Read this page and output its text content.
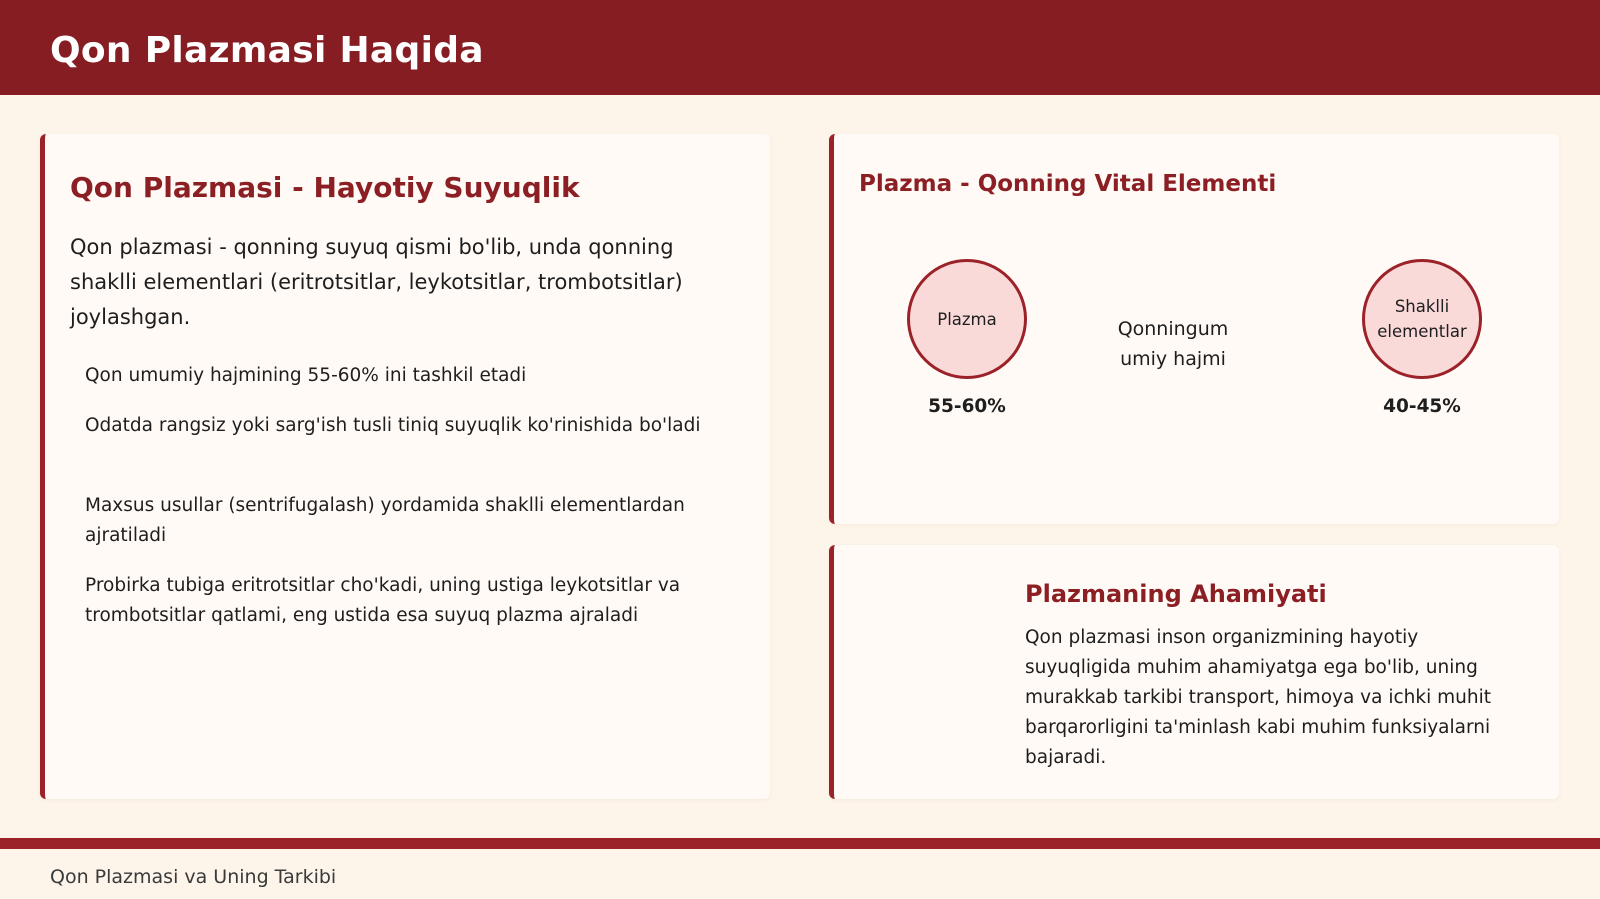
Qon Plazmasi Haqida
Qon Plazmasi - Hayotiy Suyuqlik
Qon plazmasi - qonning suyuq qismi bo'lib, unda qonning shaklli elementlari (eritrotsitlar, leykotsitlar, trombotsitlar) joylashgan.
Qon umumiy hajmining 55-60% ini tashkil etadi
Odatda rangsiz yoki sarg'ish tusli tiniq suyuqlik ko'rinishida bo'ladi
Maxsus usullar (sentrifugalash) yordamida shaklli elementlardan ajratiladi
Probirka tubiga eritrotsitlar cho'kadi, uning ustiga leykotsitlar va trombotsitlar qatlami, eng ustida esa suyuq plazma ajraladi
Plazma - Qonning Vital Elementi
Plazma	Qonningumumiy hajmi
Shaklli elementlar
55-60%	40-45%
Plazmaning Ahamiyati
Qon plazmasi inson organizmining hayotiy suyuqligida muhim ahamiyatga ega bo'lib, uning murakkab tarkibi transport, himoya va ichki muhit barqarorligini ta'minlash kabi muhim funksiyalarni bajaradi.
Qon Plazmasi va Uning Tarkibi
